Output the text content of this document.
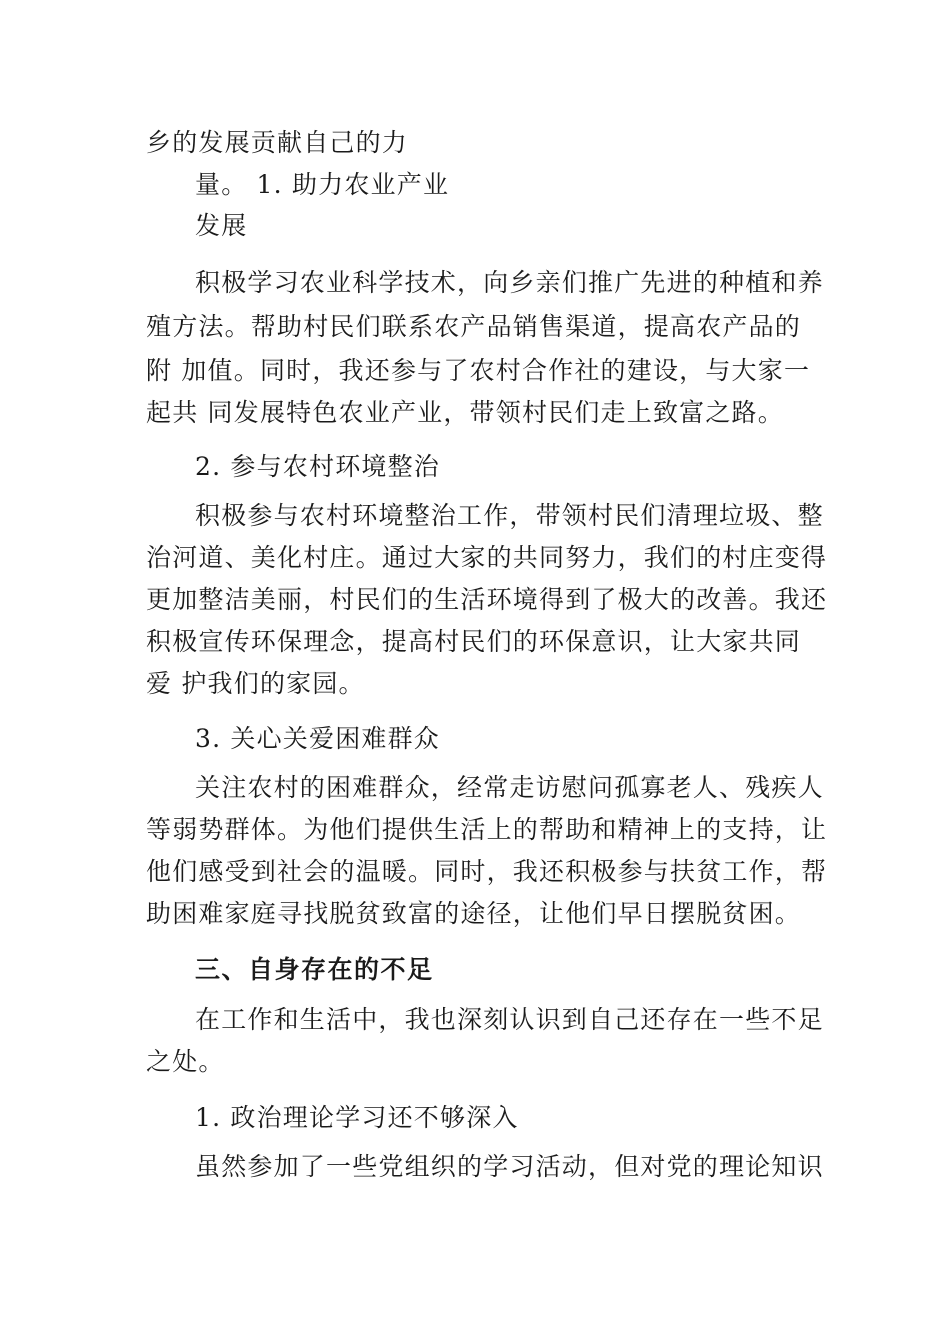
乡的发展贡献自己的力
量。 1. 助力农业产业
发展
积极学习农业科学技术，向乡亲们推广先进的种植和养
殖方法。帮助村民们联系农产品销售渠道，提高农产品的
附 加值。同时，我还参与了农村合作社的建设，与大家一
起共 同发展特色农业产业，带领村民们走上致富之路。
2. 参与农村环境整治
积极参与农村环境整治工作，带领村民们清理垃圾、整
治河道、美化村庄。通过大家的共同努力，我们的村庄变得
更加整洁美丽，村民们的生活环境得到了极大的改善。我还
积极宣传环保理念，提高村民们的环保意识，让大家共同
爱 护我们的家园。
3. 关心关爱困难群众
关注农村的困难群众，经常走访慰问孤寡老人、残疾人
等弱势群体。为他们提供生活上的帮助和精神上的支持，让
他们感受到社会的温暖。同时，我还积极参与扶贫工作，帮
助困难家庭寻找脱贫致富的途径，让他们早日摆脱贫困。
三、自身存在的不足
在工作和生活中，我也深刻认识到自己还存在一些不足
之处。
1. 政治理论学习还不够深入
虽然参加了一些党组织的学习活动，但对党的理论知识
